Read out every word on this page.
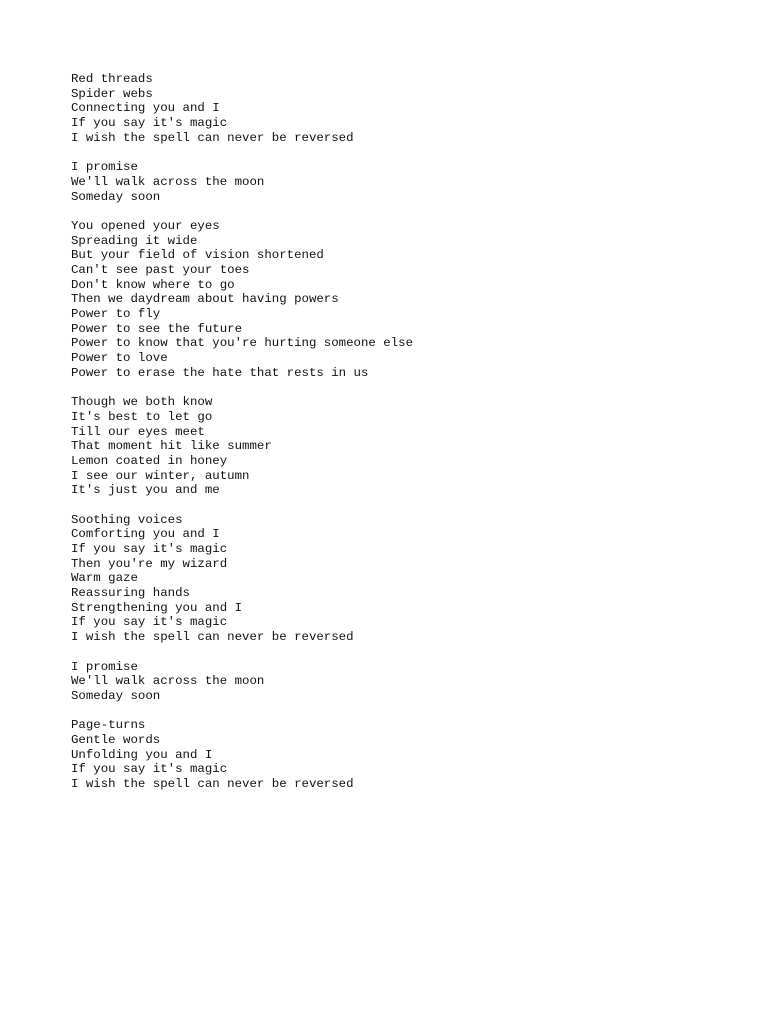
Red threads
Spider webs
Connecting you and I
If you say it's magic
I wish the spell can never be reversed
I promise
We'll walk across the moon
Someday soon
You opened your eyes
Spreading it wide
But your field of vision shortened
Can't see past your toes
Don't know where to go
Then we daydream about having powers
Power to fly
Power to see the future
Power to know that you're hurting someone else
Power to love
Power to erase the hate that rests in us
Though we both know
It's best to let go
Till our eyes meet
That moment hit like summer
Lemon coated in honey
I see our winter, autumn
It's just you and me
Soothing voices
Comforting you and I
If you say it's magic
Then you're my wizard
Warm gaze
Reassuring hands
Strengthening you and I
If you say it's magic
I wish the spell can never be reversed
I promise
We'll walk across the moon
Someday soon
Page-turns
Gentle words
Unfolding you and I
If you say it's magic
I wish the spell can never be reversed
